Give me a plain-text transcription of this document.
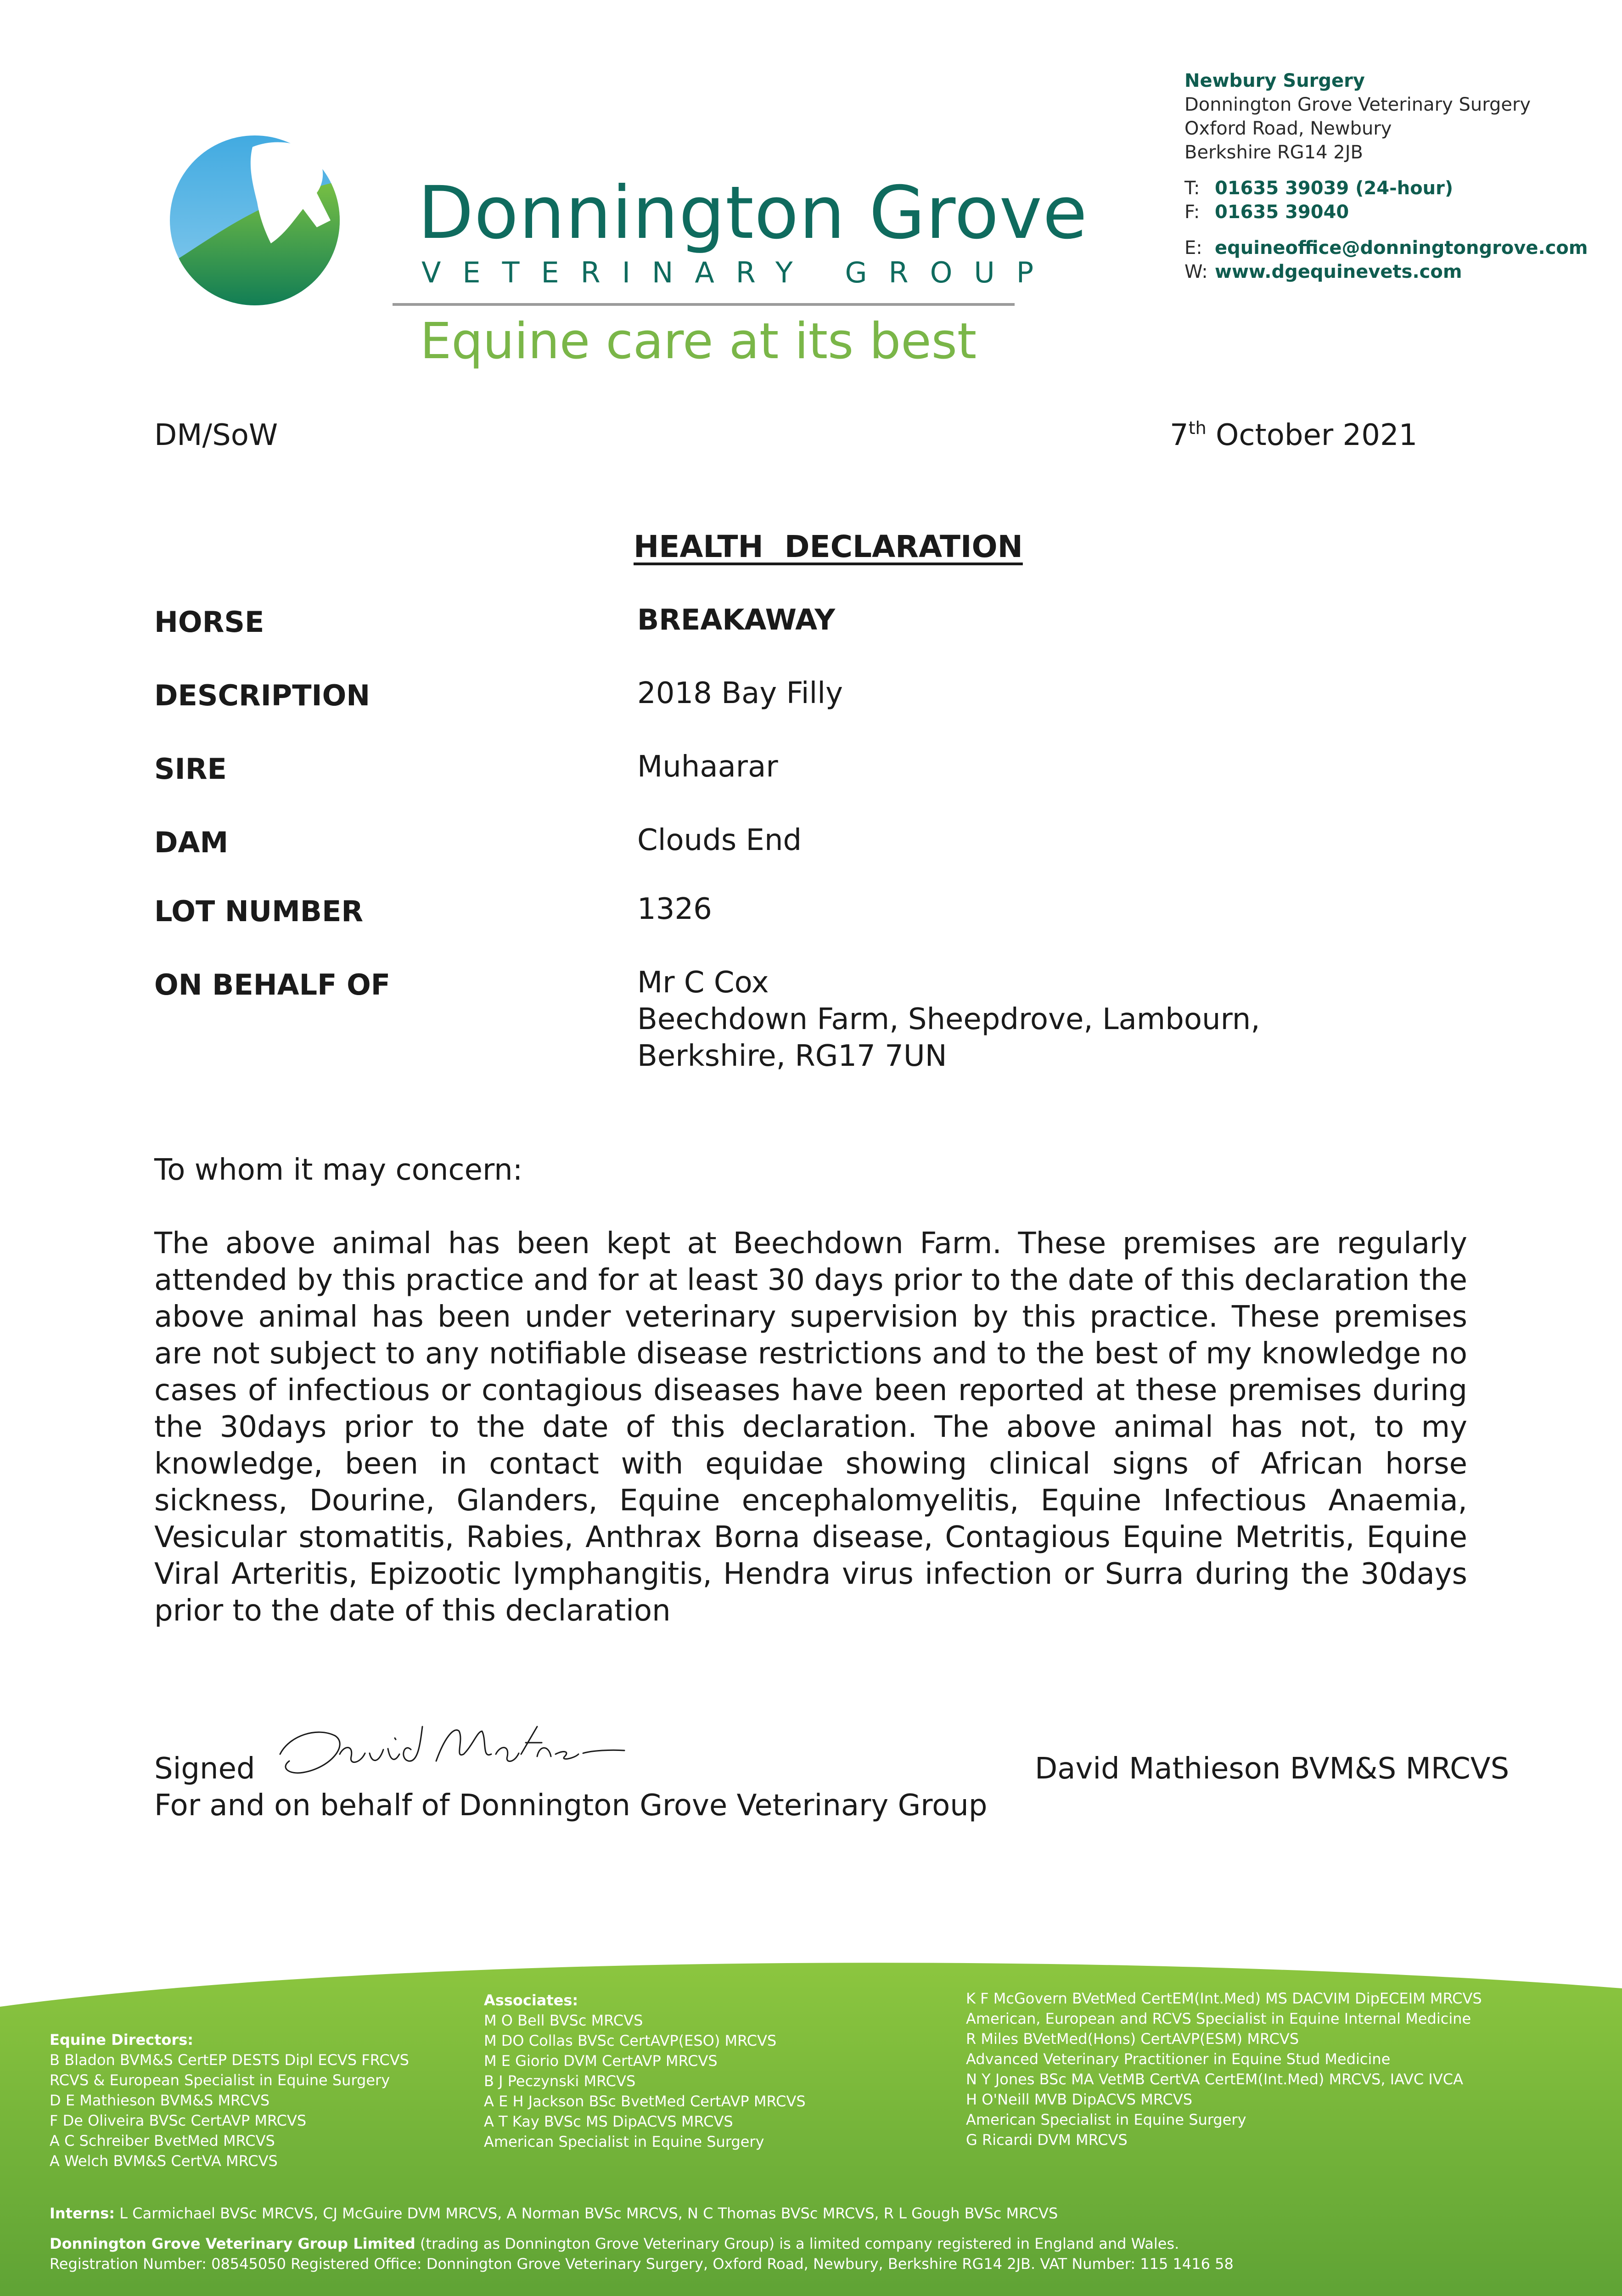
Donnington Grove
VETERINARY GROUP
Equine care at its best
Newbury Surgery
Donnington Grove Veterinary Surgery
Oxford Road, Newbury
Berkshire RG14 2JB
T: 01635 39039 (24-hour)
F: 01635 39040
E: equineoffice@donningtongrove.com
W: www.dgequinevets.com
DM/SoW	7th October 2021
HEALTH  DECLARATION
HORSE	BREAKAWAY
DESCRIPTION	2018 Bay Filly
SIRE	Muhaarar
DAM	Clouds End
LOT NUMBER	1326
ON BEHALF OF	Mr C Cox
Beechdown Farm, Sheepdrove, Lambourn,
Berkshire, RG17 7UN
To whom it may concern:
The above animal has been kept at Beechdown Farm. These premises are regularly attended by this practice and for at least 30 days prior to the date of this declaration the above animal has been under veterinary supervision by this practice. These premises are not subject to any notifiable disease restrictions and to the best of my knowledge no cases of infectious or contagious diseases have been reported at these premises during the 30days prior to the date of this declaration. The above animal has not, to my knowledge, been in contact with equidae showing clinical signs of African horse sickness, Dourine, Glanders, Equine encephalomyelitis, Equine Infectious Anaemia, Vesicular stomatitis, Rabies, Anthrax Borna disease, Contagious Equine Metritis, Equine Viral Arteritis, Epizootic lymphangitis, Hendra virus infection or Surra during the 30days prior to the date of this declaration
Signed	David Mathieson BVM&S MRCVS
For and on behalf of Donnington Grove Veterinary Group
Equine Directors:
B Bladon BVM&S CertEP DESTS Dipl ECVS FRCVS
RCVS & European Specialist in Equine Surgery
D E Mathieson BVM&S MRCVS
F De Oliveira BVSc CertAVP MRCVS
A C Schreiber BvetMed MRCVS
A Welch BVM&S CertVA MRCVS
Associates:
M O Bell BVSc MRCVS
M DO Collas BVSc CertAVP(ESO) MRCVS
M E Giorio DVM CertAVP MRCVS
B J Peczynski MRCVS
A E H Jackson BSc BvetMed CertAVP MRCVS
A T Kay BVSc MS DipACVS MRCVS
American Specialist in Equine Surgery
K F McGovern BVetMed CertEM(Int.Med) MS DACVIM DipECEIM MRCVS
American, European and RCVS Specialist in Equine Internal Medicine
R Miles BVetMed(Hons) CertAVP(ESM) MRCVS
Advanced Veterinary Practitioner in Equine Stud Medicine
N Y Jones BSc MA VetMB CertVA CertEM(Int.Med) MRCVS, IAVC IVCA
H O'Neill MVB DipACVS MRCVS
American Specialist in Equine Surgery
G Ricardi DVM MRCVS
Interns: L Carmichael BVSc MRCVS, CJ McGuire DVM MRCVS, A Norman BVSc MRCVS, N C Thomas BVSc MRCVS, R L Gough BVSc MRCVS
Donnington Grove Veterinary Group Limited (trading as Donnington Grove Veterinary Group) is a limited company registered in England and Wales.
Registration Number: 08545050 Registered Office: Donnington Grove Veterinary Surgery, Oxford Road, Newbury, Berkshire RG14 2JB. VAT Number: 115 1416 58
